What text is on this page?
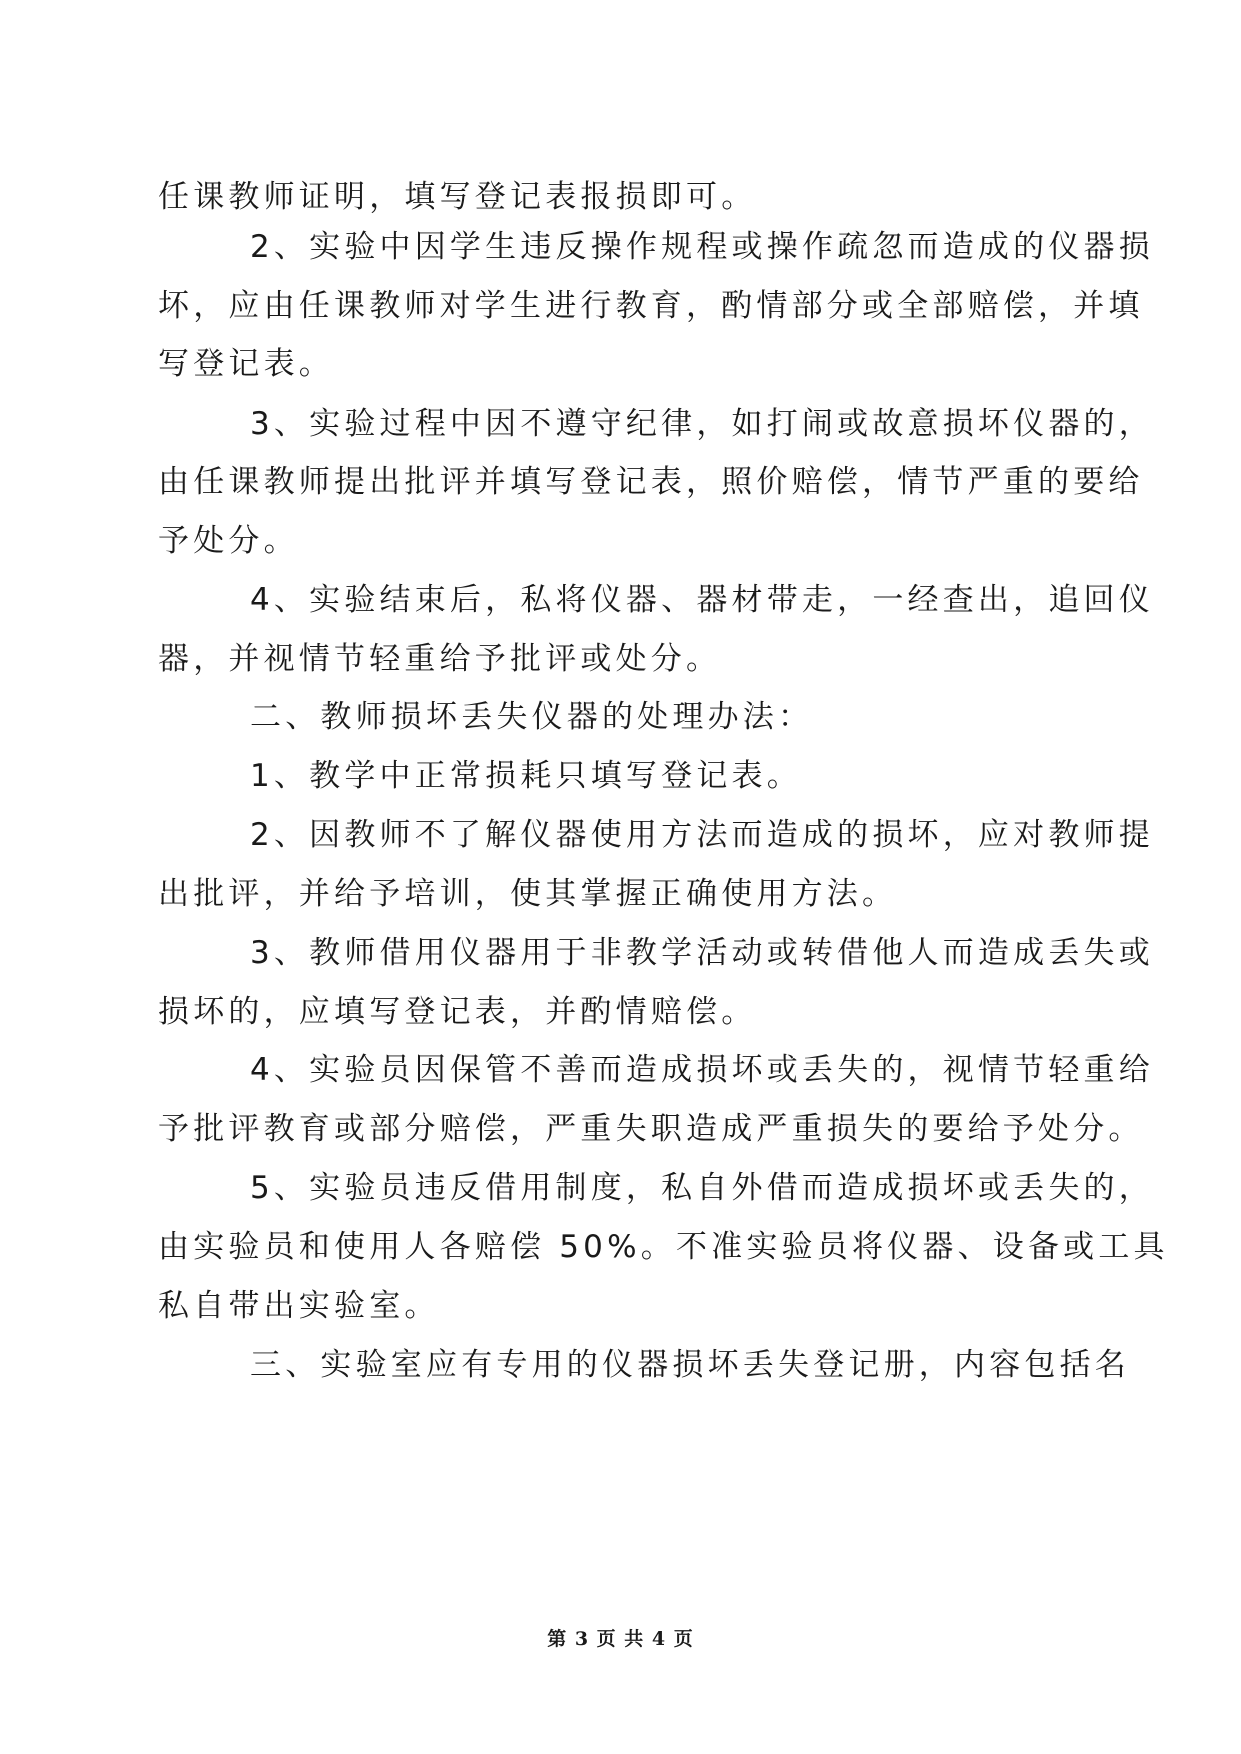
任课教师证明，填写登记表报损即可。
2、实验中因学生违反操作规程或操作疏忽而造成的仪器损
坏，应由任课教师对学生进行教育，酌情部分或全部赔偿，并填
写登记表。
3、实验过程中因不遵守纪律，如打闹或故意损坏仪器的，
由任课教师提出批评并填写登记表，照价赔偿，情节严重的要给
予处分。
4、实验结束后，私将仪器、器材带走，一经查出，追回仪
器，并视情节轻重给予批评或处分。
二、教师损坏丢失仪器的处理办法：
1、教学中正常损耗只填写登记表。
2、因教师不了解仪器使用方法而造成的损坏，应对教师提
出批评，并给予培训，使其掌握正确使用方法。
3、教师借用仪器用于非教学活动或转借他人而造成丢失或
损坏的，应填写登记表，并酌情赔偿。
4、实验员因保管不善而造成损坏或丢失的，视情节轻重给
予批评教育或部分赔偿，严重失职造成严重损失的要给予处分。
5、实验员违反借用制度，私自外借而造成损坏或丢失的，
由实验员和使用人各赔偿 50%。不准实验员将仪器、设备或工具
私自带出实验室。
三、实验室应有专用的仪器损坏丢失登记册，内容包括名
第 3 页 共 4 页
